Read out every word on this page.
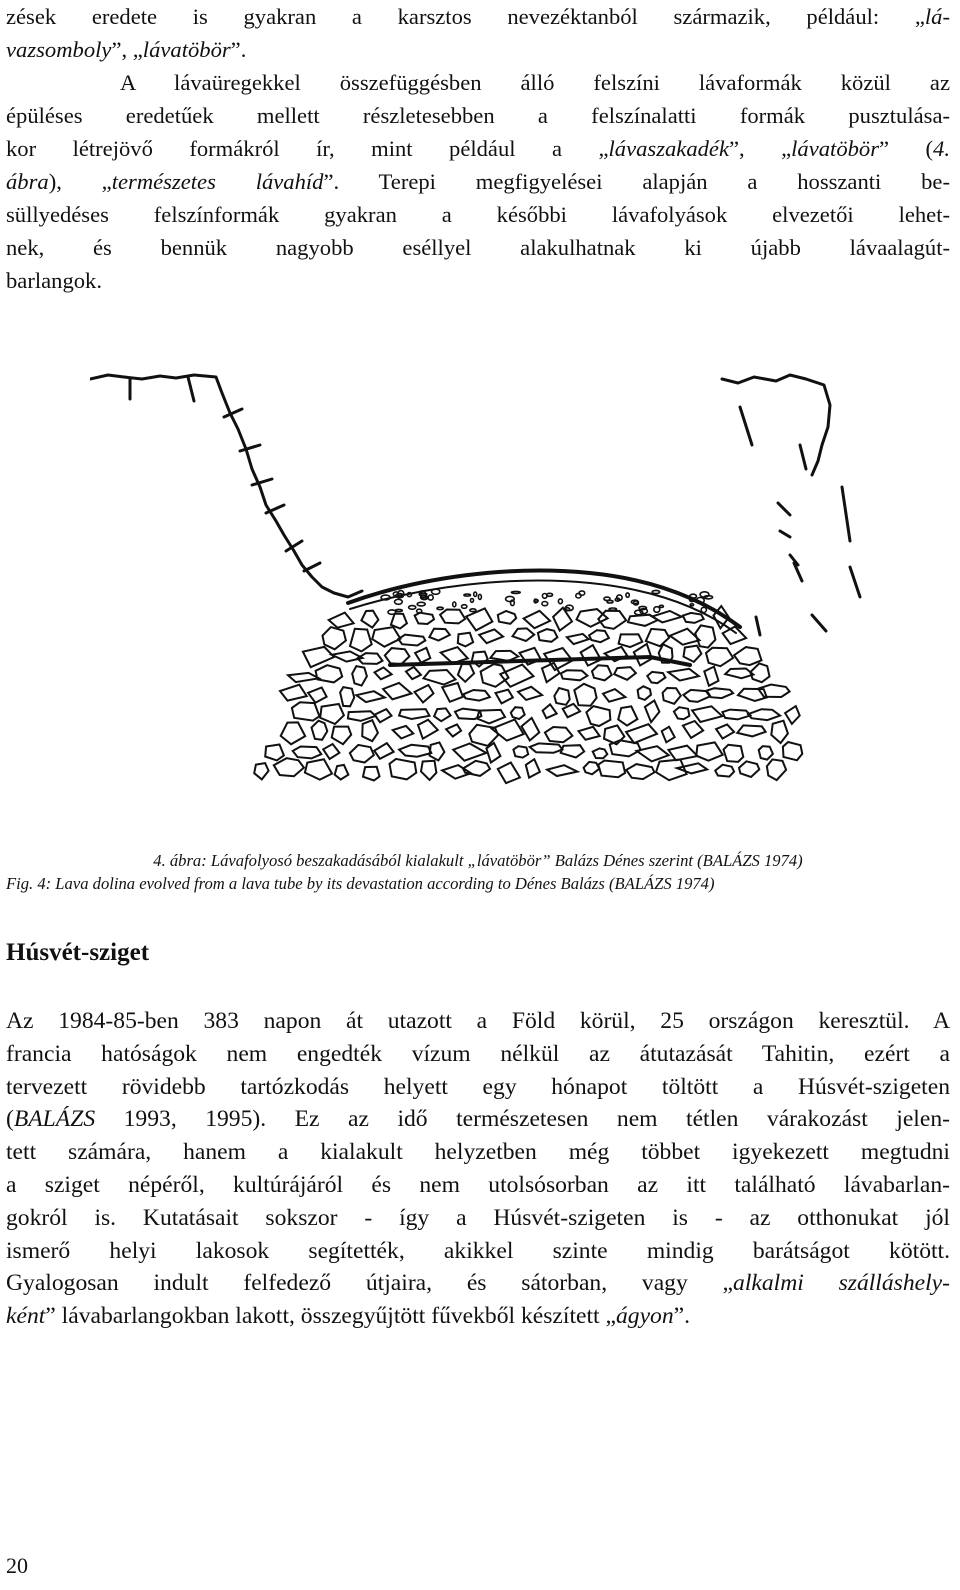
zések eredete is gyakran a karsztos nevezéktanból származik, például: „lá-
vazsomboly”, „lávatöbör”.
A lávaüregekkel összefüggésben álló felszíni lávaformák közül az
épüléses eredetűek mellett részletesebben a felszínalatti formák pusztulása-
kor létrejövő formákról ír, mint például a „lávaszakadék”, „lávatöbör” (4.
ábra), „természetes lávahíd”. Terepi megfigyelései alapján a hosszanti be-
süllyedéses felszínformák gyakran a későbbi lávafolyások elvezetői lehet-
nek, és bennük nagyobb eséllyel alakulhatnak ki újabb lávaalagút-
barlangok.

4. ábra: Lávafolyosó beszakadásából kialakult „lávatöbör” Balázs Dénes szerint (BALÁZS 1974)

Fig. 4: Lava dolina evolved from a lava tube by its devastation according to Dénes Balázs (BALÁZS 1974)

Húsvét-sziget

Az 1984-85-ben 383 napon át utazott a Föld körül, 25 országon keresztül. A
francia hatóságok nem engedték vízum nélkül az átutazását Tahitin, ezért a
tervezett rövidebb tartózkodás helyett egy hónapot töltött a Húsvét-szigeten
(BALÁZS 1993, 1995). Ez az idő természetesen nem tétlen várakozást jelen-
tett számára, hanem a kialakult helyzetben még többet igyekezett megtudni
a sziget népéről, kultúrájáról és nem utolsósorban az itt található lávabarlan-
gokról is. Kutatásait sokszor - így a Húsvét-szigeten is - az otthonukat jól
ismerő helyi lakosok segítették, akikkel szinte mindig barátságot kötött.
Gyalogosan indult felfedező útjaira, és sátorban, vagy „alkalmi szálláshely-
ként” lávabarlangokban lakott, összegyűjtött fűvekből készített „ágyon”.

20
